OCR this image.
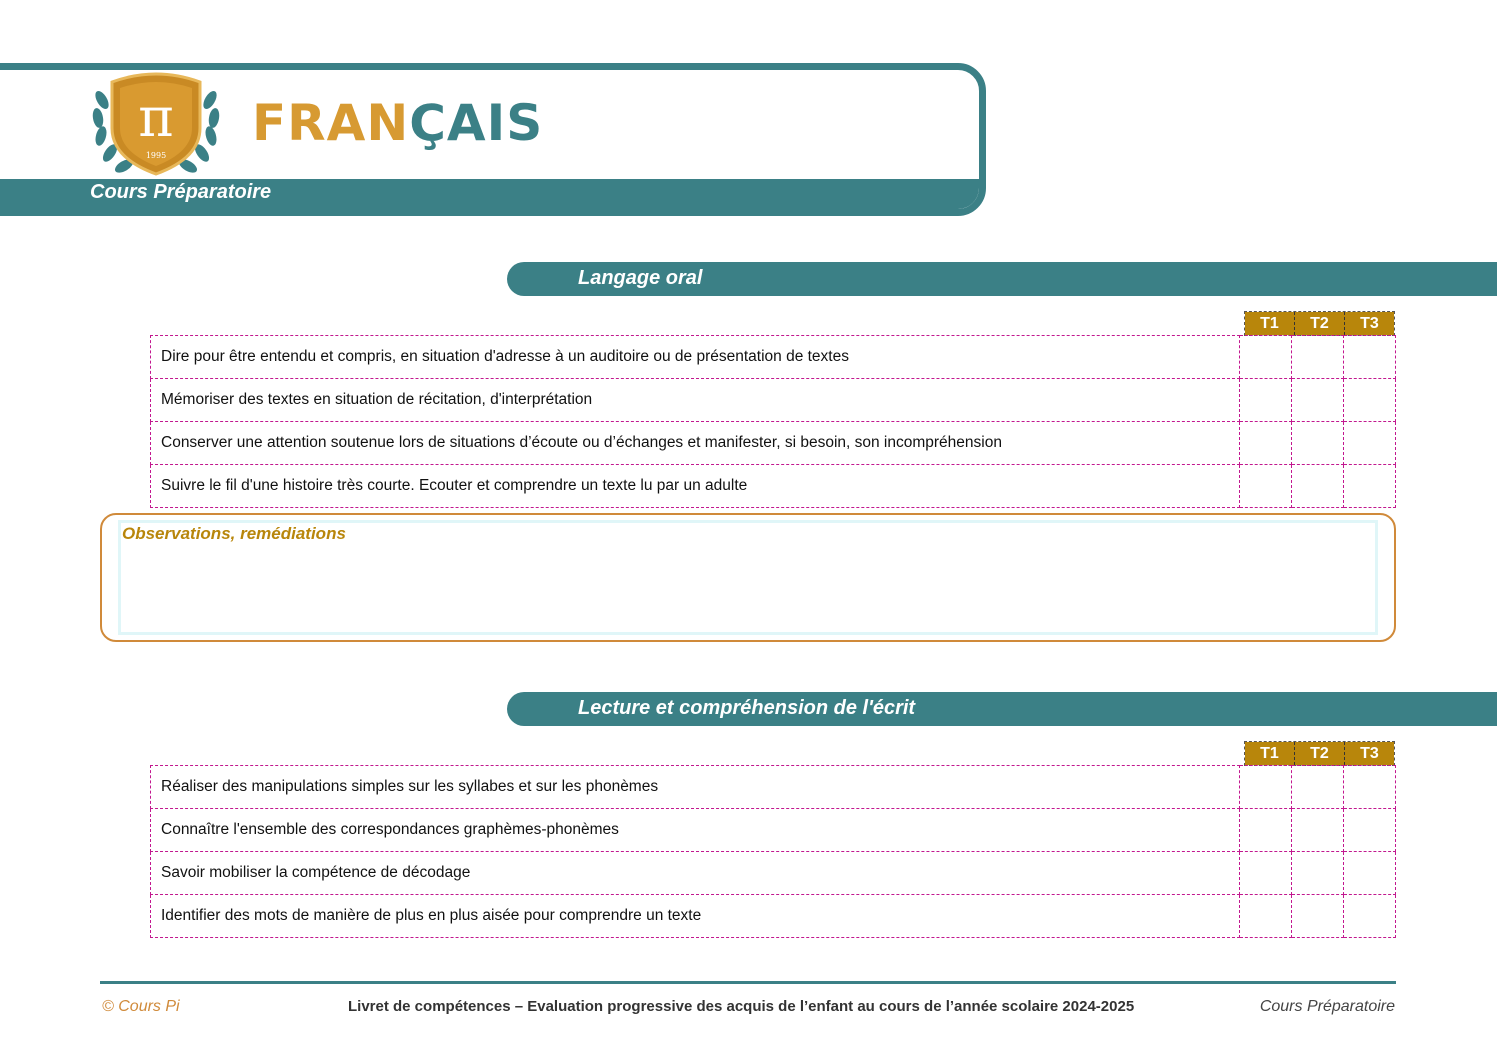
Cours Préparatoire
π
1995
FRANÇAIS
Langage oral
T1	T2	T3
Dire pour être entendu et compris, en situation d'adresse à un auditoire ou de présentation de textes			
Mémoriser des textes en situation de récitation, d'interprétation			
Conserver une attention soutenue lors de situations d’écoute ou d’échanges et manifester, si besoin, son incompréhension			
Suivre le fil d'une histoire très courte. Ecouter et comprendre un texte lu par un adulte			
Observations, remédiations
Lecture et compréhension de l'écrit
T1	T2	T3
Réaliser des manipulations simples sur les syllabes et sur les phonèmes			
Connaître l'ensemble des correspondances graphèmes-phonèmes			
Savoir mobiliser la compétence de décodage			
Identifier des mots de manière de plus en plus aisée pour comprendre un texte			
© Cours Pi	Livret de compétences – Evaluation progressive des acquis de l’enfant au cours de l’année scolaire 2024-2025	Cours Préparatoire
